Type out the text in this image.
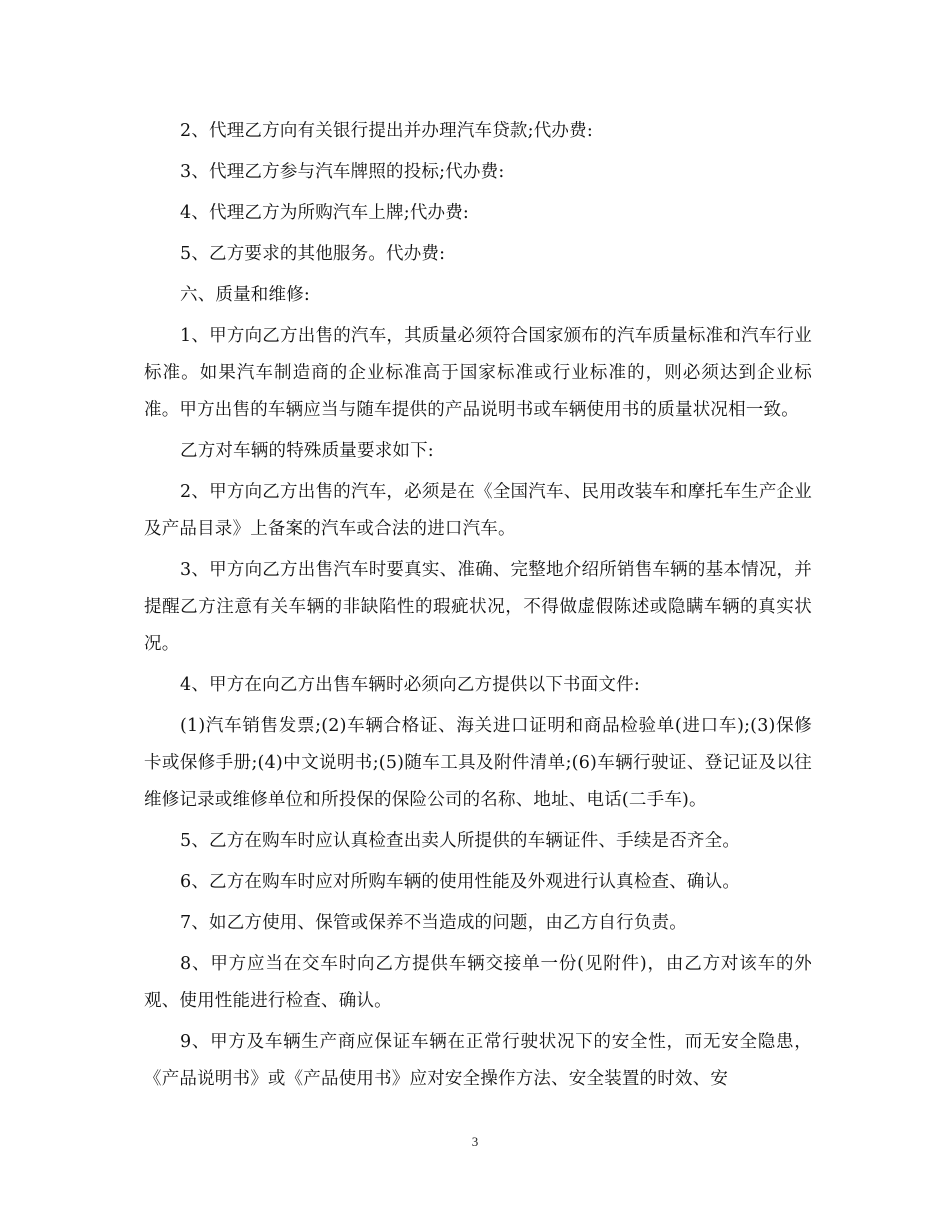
2、代理乙方向有关银行提出并办理汽车贷款;代办费:

3、代理乙方参与汽车牌照的投标;代办费:

4、代理乙方为所购汽车上牌;代办费:

5、乙方要求的其他服务。代办费:

六、质量和维修:

1、甲方向乙方出售的汽车，其质量必须符合国家颁布的汽车质量标准和汽车行业标准。如果汽车制造商的企业标准高于国家标准或行业标准的，则必须达到企业标准。甲方出售的车辆应当与随车提供的产品说明书或车辆使用书的质量状况相一致。

乙方对车辆的特殊质量要求如下:

2、甲方向乙方出售的汽车，必须是在《全国汽车、民用改装车和摩托车生产企业及产品目录》上备案的汽车或合法的进口汽车。

3、甲方向乙方出售汽车时要真实、准确、完整地介绍所销售车辆的基本情况，并提醒乙方注意有关车辆的非缺陷性的瑕疵状况，不得做虚假陈述或隐瞒车辆的真实状况。

4、甲方在向乙方出售车辆时必须向乙方提供以下书面文件:

(1)汽车销售发票;(2)车辆合格证、海关进口证明和商品检验单(进口车);(3)保修卡或保修手册;(4)中文说明书;(5)随车工具及附件清单;(6)车辆行驶证、登记证及以往维修记录或维修单位和所投保的保险公司的名称、地址、电话(二手车)。

5、乙方在购车时应认真检查出卖人所提供的车辆证件、手续是否齐全。

6、乙方在购车时应对所购车辆的使用性能及外观进行认真检查、确认。

7、如乙方使用、保管或保养不当造成的问题，由乙方自行负责。

8、甲方应当在交车时向乙方提供车辆交接单一份(见附件)，由乙方对该车的外观、使用性能进行检查、确认。

9、甲方及车辆生产商应保证车辆在正常行驶状况下的安全性，而无安全隐患，《产品说明书》或《产品使用书》应对安全操作方法、安全装置的时效、安

3
